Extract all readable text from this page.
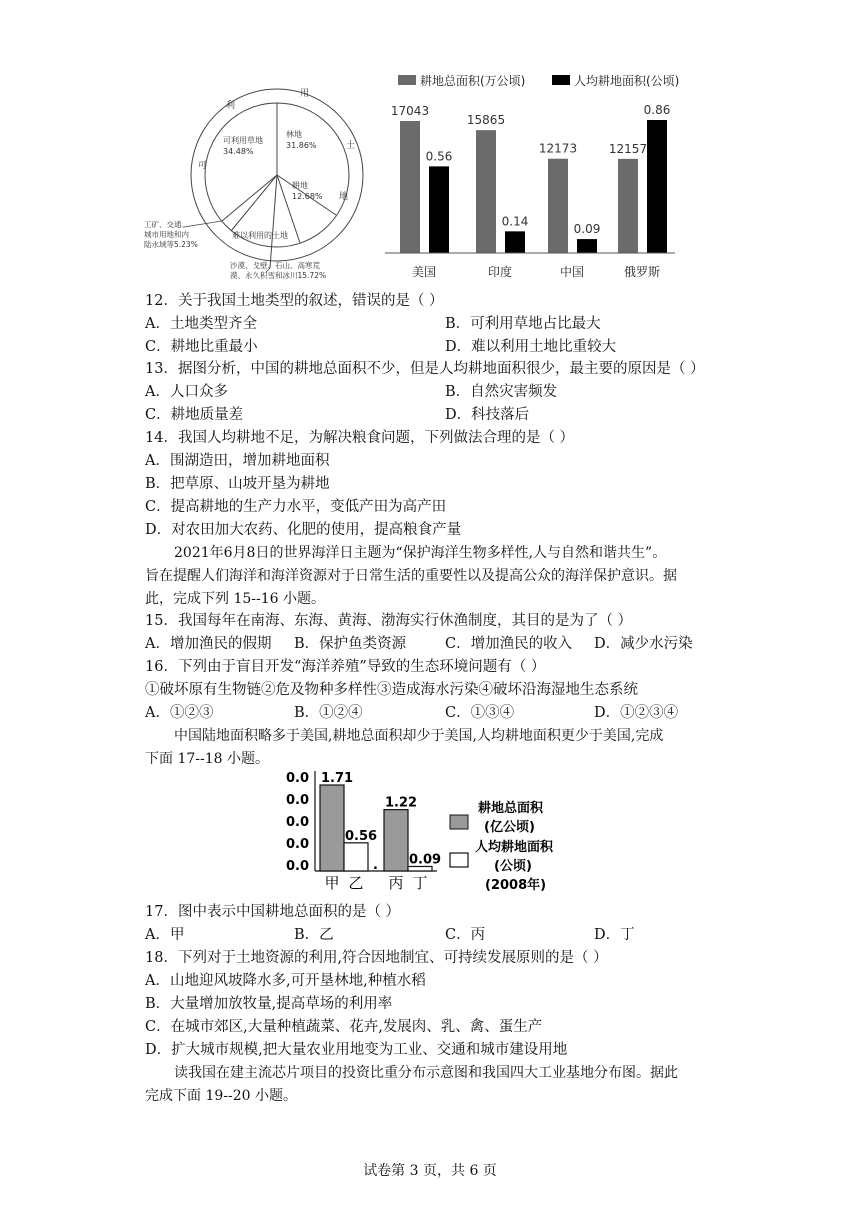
利
用
土
地
可
可利用草地
34.48%
林地
31.86%
耕地
12.68%
难以利用的土地
工矿、交通、
城市用地和内
陆水域等5.23%
沙漠、戈壁、石山、高寒荒
漠、永久积雪和冰川15.72%
耕地总面积(万公顷)	人均耕地面积(公顷)
17043
0.56
15865
0.14
12173
0.09
12157
0.86
美国	印度	中国	俄罗斯
12．关于我国土地类型的叙述，错误的是（ ）
A．土地类型齐全	B．可利用草地占比最大
C．耕地比重最小	D．难以利用土地比重较大
13．据图分析，中国的耕地总面积不少，但是人均耕地面积很少，最主要的原因是（ ）
A．人口众多	B．自然灾害频发
C．耕地质量差	D．科技落后
14．我国人均耕地不足，为解决粮食问题，下列做法合理的是（ ）
A．围湖造田，增加耕地面积
B．把草原、山坡开垦为耕地
C．提高耕地的生产力水平，变低产田为高产田
D．对农田加大农药、化肥的使用，提高粮食产量
2021年6月8日的世界海洋日主题为“保护海洋生物多样性,人与自然和谐共生”。
旨在提醒人们海洋和海洋资源对于日常生活的重要性以及提高公众的海洋保护意识。据
此，完成下列 15--16 小题。
15．我国每年在南海、东海、黄海、渤海实行休渔制度，其目的是为了（ ）
A．增加渔民的假期 B．保护鱼类资源	C．增加渔民的收入 D．减少水污染
16．下列由于盲目开发“海洋养殖”导致的生态环境问题有（ ）
①破坏原有生物链②危及物种多样性③造成海水污染④破坏沿海湿地生态系统
A．①②③	B．①②④	C．①③④	D．①②③④
中国陆地面积略多于美国,耕地总面积却少于美国,人均耕地面积更少于美国,完成
下面 17--18 小题。
0.0
0.0
0.0
0.0
0.0
1.71
甲
0.56
乙
1.22
丙
0.09
丁
.
耕地总面积
(亿公顷)
人均耕地面积
(公顷)
(2008年)
17．图中表示中国耕地总面积的是（ ）
A．甲	B．乙	C．丙	D．丁
18．下列对于土地资源的利用,符合因地制宜、可持续发展原则的是（ ）
A．山地迎风坡降水多,可开垦林地,种植水稻
B．大量增加放牧量,提高草场的利用率
C．在城市郊区,大量种植蔬菜、花卉,发展肉、乳、禽、蛋生产
D．扩大城市规模,把大量农业用地变为工业、交通和城市建设用地
读我国在建主流芯片项目的投资比重分布示意图和我国四大工业基地分布图。据此
完成下面 19--20 小题。
试卷第 3 页，共 6 页
